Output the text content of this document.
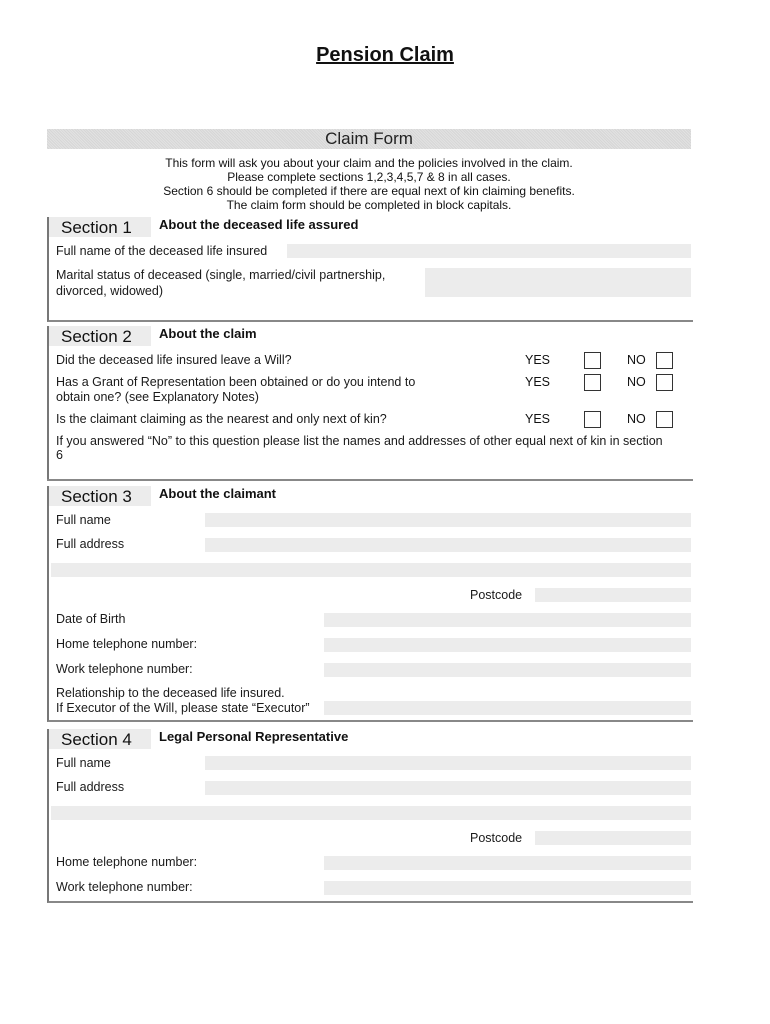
Pension Claim
Claim Form
This form will ask you about your claim and the policies involved in the claim.
Please complete sections 1,2,3,4,5,7 & 8 in all cases.
Section 6 should be completed if there are equal next of kin claiming benefits.
The claim form should be completed in block capitals.
Section 1	About the deceased life assured
Full name of the deceased life insured
Marital status of deceased (single, married/civil partnership,
divorced, widowed)
Section 2	About the claim
Did the deceased life insured leave a Will?	YES	NO
Has a Grant of Representation been obtained or do you intend to
obtain one? (see Explanatory Notes)
YES	NO
Is the claimant claiming as the nearest and only next of kin?	YES	NO
If you answered “No” to this question please list the names and addresses of other equal next of kin in section
6
Section 3	About the claimant
Full name
Full address
Postcode
Date of Birth
Home telephone number:
Work telephone number:
Relationship to the deceased life insured.
If Executor of the Will, please state “Executor”
Section 4	Legal Personal Representative
Full name
Full address
Postcode
Home telephone number:
Work telephone number:
